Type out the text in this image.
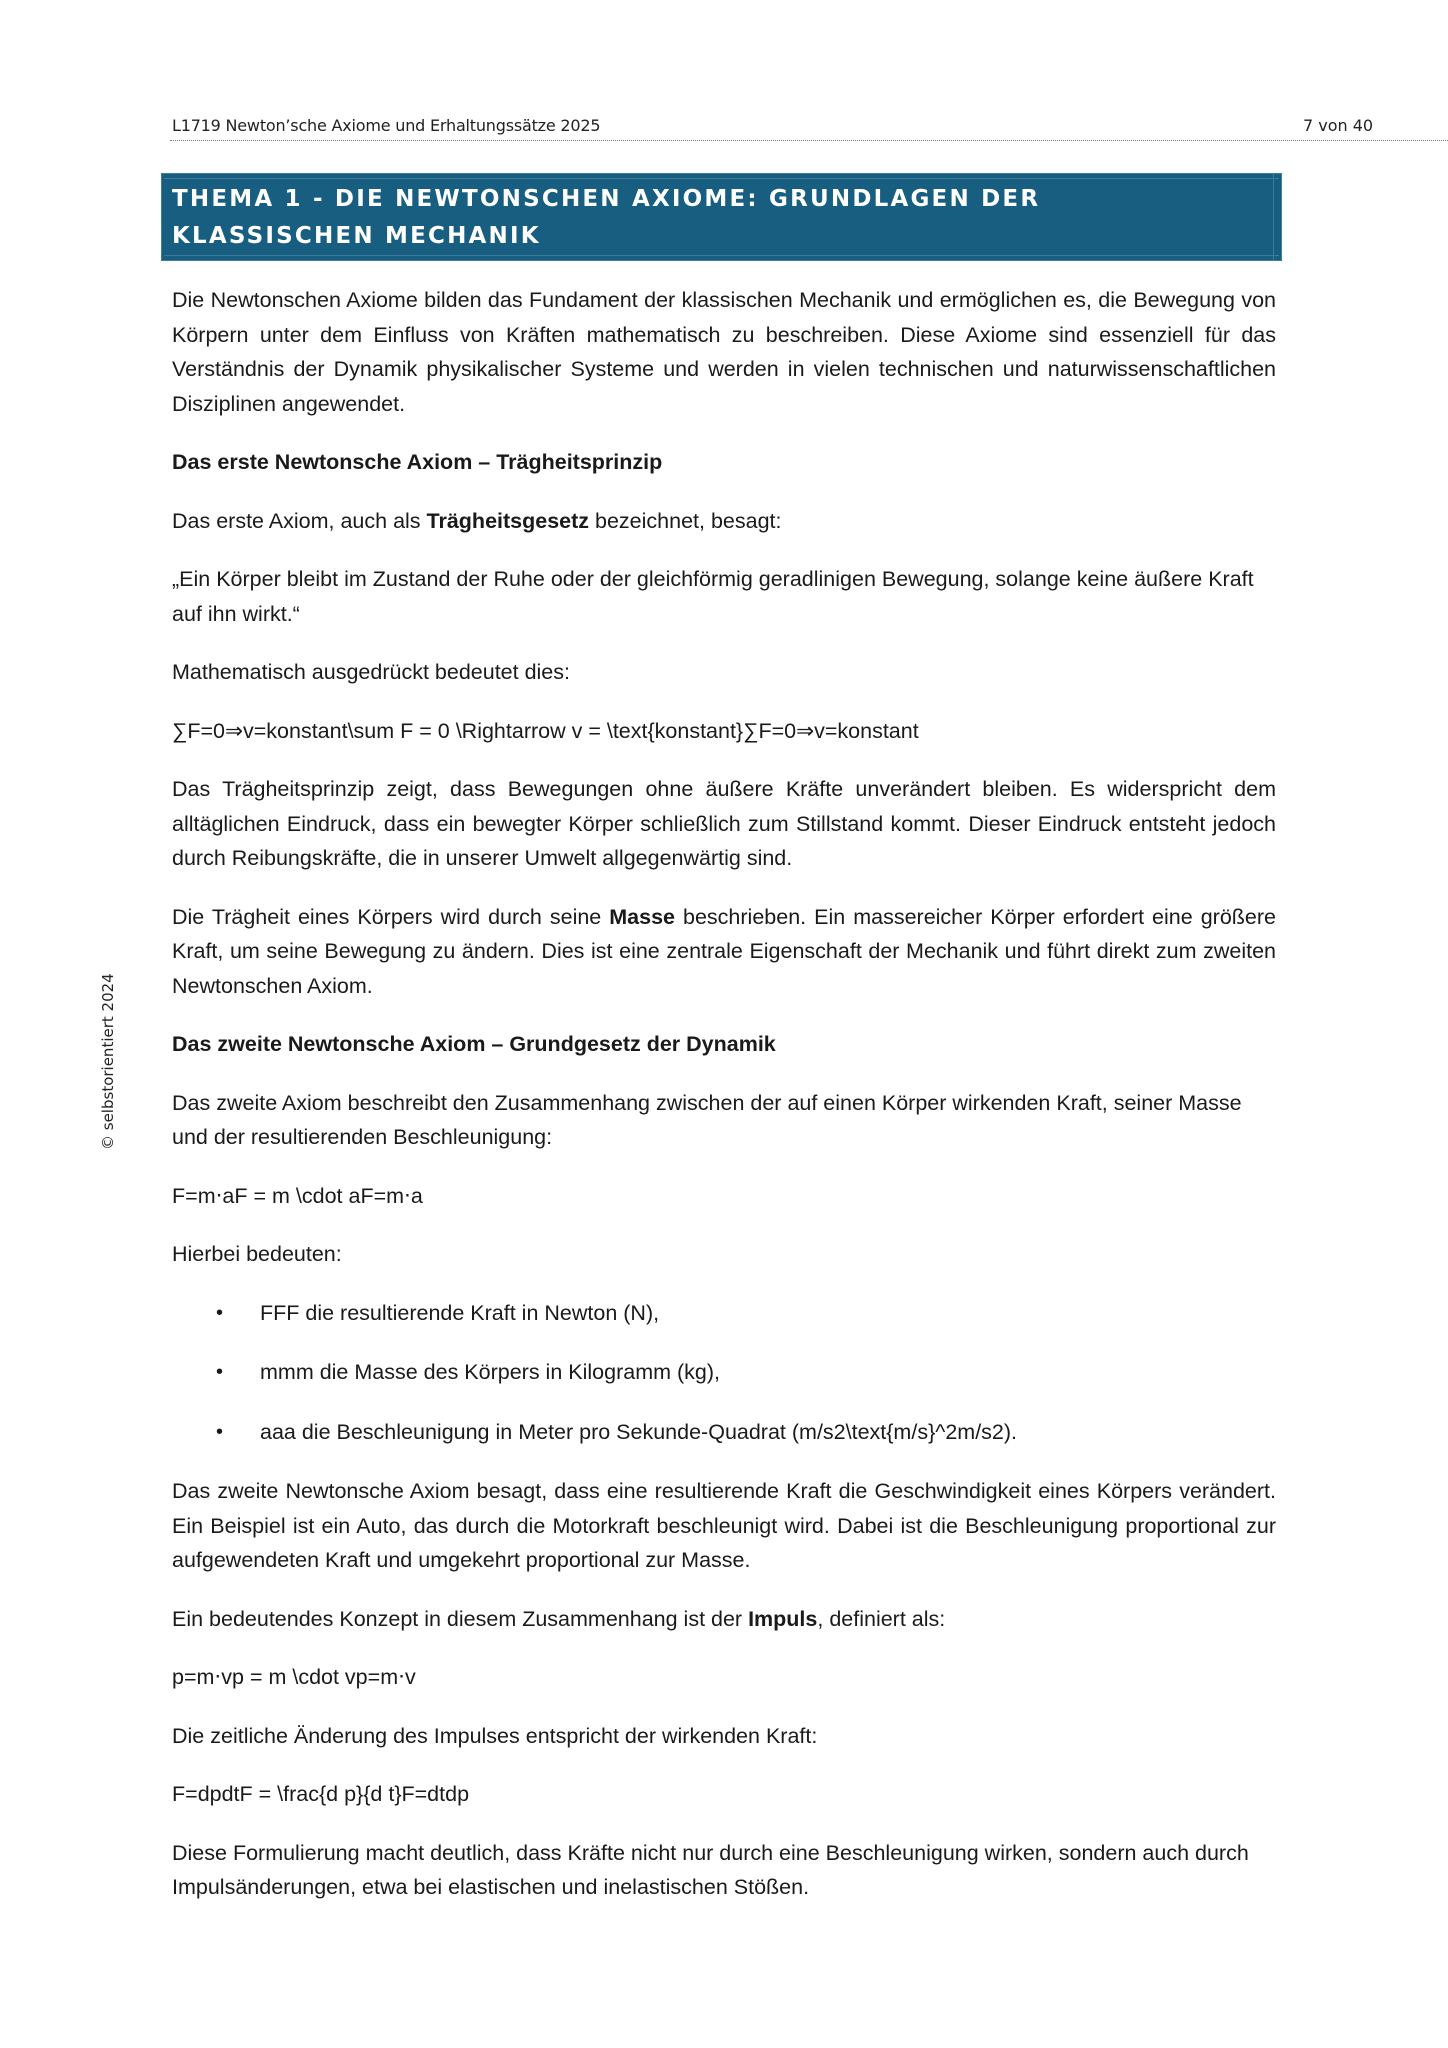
L1719 Newton’sche Axiome und Erhaltungssätze 2025	7 von 40
© selbstorientiert 2024
THEMA 1 - DIE NEWTONSCHEN AXIOME: GRUNDLAGEN DER KLASSISCHEN MECHANIK

Die Newtonschen Axiome bilden das Fundament der klassischen Mechanik und ermöglichen es, die Bewegung von Körpern unter dem Einfluss von Kräften mathematisch zu beschreiben. Diese Axiome sind essenziell für das Verständnis der Dynamik physikalischer Systeme und werden in vielen technischen und naturwissenschaftlichen Disziplinen angewendet.

Das erste Newtonsche Axiom – Trägheitsprinzip

Das erste Axiom, auch als Trägheitsgesetz bezeichnet, besagt:

„Ein Körper bleibt im Zustand der Ruhe oder der gleichförmig geradlinigen Bewegung, solange keine äußere Kraft auf ihn wirkt.“

Mathematisch ausgedrückt bedeutet dies:

∑F=0⇒v=konstant\sum F = 0 \Rightarrow v = \text{konstant}∑F=0⇒v=konstant

Das Trägheitsprinzip zeigt, dass Bewegungen ohne äußere Kräfte unverändert bleiben. Es widerspricht dem alltäglichen Eindruck, dass ein bewegter Körper schließlich zum Stillstand kommt. Dieser Eindruck entsteht jedoch durch Reibungskräfte, die in unserer Umwelt allgegenwärtig sind.

Die Trägheit eines Körpers wird durch seine Masse beschrieben. Ein massereicher Körper erfordert eine größere Kraft, um seine Bewegung zu ändern. Dies ist eine zentrale Eigenschaft der Mechanik und führt direkt zum zweiten Newtonschen Axiom.

Das zweite Newtonsche Axiom – Grundgesetz der Dynamik

Das zweite Axiom beschreibt den Zusammenhang zwischen der auf einen Körper wirkenden Kraft, seiner Masse und der resultierenden Beschleunigung:

F=m⋅aF = m \cdot aF=m⋅a

Hierbei bedeuten:

• FFF die resultierende Kraft in Newton (N),
• mmm die Masse des Körpers in Kilogramm (kg),
• aaa die Beschleunigung in Meter pro Sekunde-Quadrat (m/s2\text{m/s}^2m/s2).

Das zweite Newtonsche Axiom besagt, dass eine resultierende Kraft die Geschwindigkeit eines Körpers verändert. Ein Beispiel ist ein Auto, das durch die Motorkraft beschleunigt wird. Dabei ist die Beschleunigung proportional zur aufgewendeten Kraft und umgekehrt proportional zur Masse.

Ein bedeutendes Konzept in diesem Zusammenhang ist der Impuls, definiert als:

p=m⋅vp = m \cdot vp=m⋅v

Die zeitliche Änderung des Impulses entspricht der wirkenden Kraft:

F=dpdtF = \frac{d p}{d t}F=dtdp

Diese Formulierung macht deutlich, dass Kräfte nicht nur durch eine Beschleunigung wirken, sondern auch durch Impulsänderungen, etwa bei elastischen und inelastischen Stößen.
